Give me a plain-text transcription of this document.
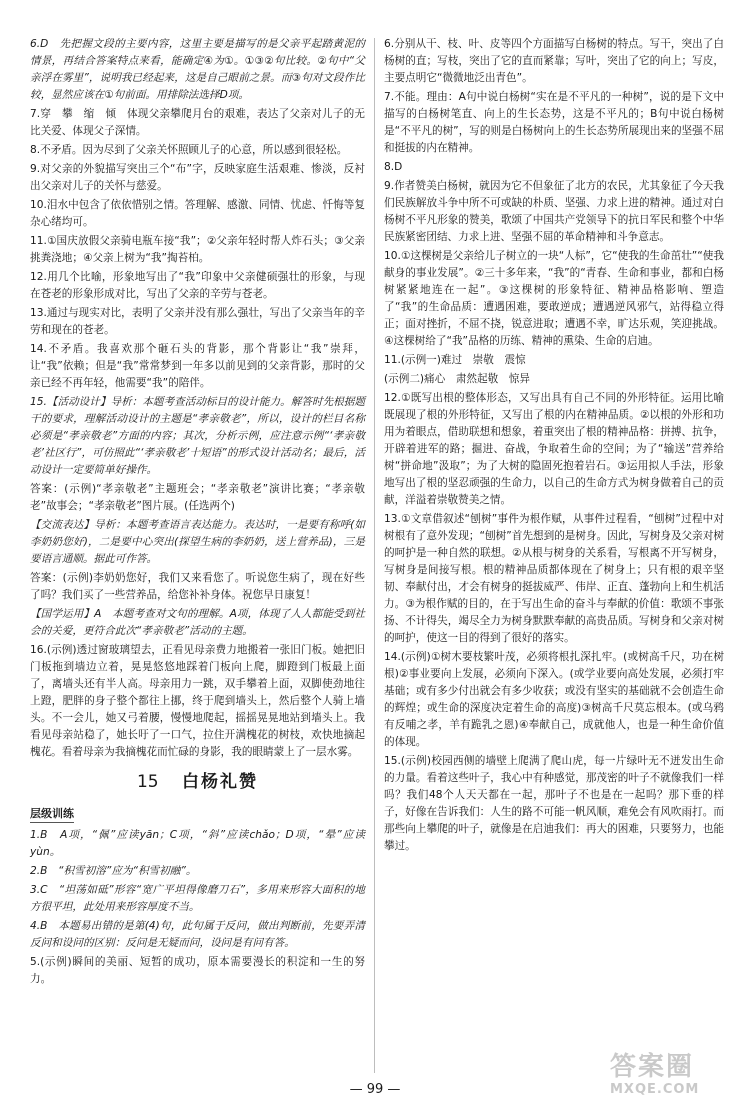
6.D　先把握文段的主要内容，这里主要是描写的是父亲平起踏黄泥的情景，再结合答案特点来看，能确定④为①。①③②句比较。②句中“父亲浮在雾里”，说明我已经起来，这是自己眼前之景。而③句对文段作比较，显然应该在①句前面。用排除法选择D项。
7.穿　攀　缩　倾　体现父亲攀爬月台的艰难，表达了父亲对儿子的无比关爱、体现父子深情。
8.不矛盾。因为尽到了父亲关怀照顾儿子的心意，所以感到很轻松。
9.对父亲的外貌描写突出三个“布”字，反映家庭生活艰难、惨淡，反衬出父亲对儿子的关怀与慈爱。
10.泪水中包含了依依惜别之情。答理解、感激、同情、忧虑、忏悔等复杂心绪均可。
11.①国庆放假父亲骑电瓶车接“我”；②父亲年轻时帮人炸石头；③父亲挑粪浇地；④父亲上树为“我”掏苔柏。
12.用几个比喻，形象地写出了“我”印象中父亲健硕强壮的形象，与现在苍老的形象形成对比，写出了父亲的辛劳与苍老。
13.通过与现实对比，表明了父亲并没有那么强壮，写出了父亲当年的辛劳和现在的苍老。
14.不矛盾。我喜欢那个砸石头的背影，那个背影让“我”崇拜，让“我”依赖；但是“我”常常梦到一年多以前见到的父亲背影，那时的父亲已经不再年轻，他需要“我”的陪伴。
15.【活动设计】导析：本题考查活动标目的设计能力。解答时先根据题干的要求，理解活动设计的主题是“孝亲敬老”，所以，设计的栏目名称必须是“孝亲敬老”方面的内容；其次，分析示例，应注意示例“‘孝亲敬老’社区行”，可仿照此“‘孝亲敬老’十短语”的形式设计活动名；最后，活动设计一定要简单好操作。
答案：(示例)“孝亲敬老”主题班会；“孝亲敬老”演讲比赛；“孝亲敬老”故事会；“孝亲敬老”图片展。(任选两个)
【交流表达】导析：本题考查语言表达能力。表达时，一是要有称呼(如李奶奶您好)，二是要中心突出(探望生病的李奶奶，送上营养品)，三是要语言通顺。据此可作答。
答案：(示例)李奶奶您好，我们又来看您了。听说您生病了，现在好些了吗？我们买了一些营养品，给您补补身体。祝您早日康复！
【国学运用】A　本题考查对文句的理解。A项，体现了人人都能受到社会的关爱，更符合此次“孝亲敬老”活动的主题。
16.(示例)透过窗玻璃望去，正看见母亲费力地搬着一张旧门板。她把旧门板拖到墙边立着，晃晃悠悠地踩着门板向上爬，脚蹬到门板最上面了，离墙头还有半人高。母亲用力一跳，双手攀着上面，双脚使劲地往上蹬，肥胖的身子整个都往上挪，终于爬到墙头上，然后整个人骑上墙头。不一会儿，她又弓着腰，慢慢地爬起，摇摇晃晃地站到墙头上。我看见母亲站稳了，她长吁了一口气，拉住开满槐花的树枝，欢快地摘起槐花。看着母亲为我摘槐花而忙碌的身影，我的眼睛蒙上了一层水雾。
15 白杨礼赞
层级训练
1.B　A项，“佩”应读yān；C项，“斜”应读chǎo；D项，“晕”应读yùn。
2.B　“积雪初溶”应为“积雪初融”。
3.C　“坦荡如砥”形容“宽广平坦得像磨刀石”，多用来形容大面积的地方很平坦，此处用来形容厚度不当。
4.B　本题易出错的是第(4)句，此句属于反问，做出判断前，先要弄清反问和设问的区别：反问是无疑而问，设问是有问有答。
5.(示例)瞬间的美丽、短暂的成功，原本需要漫长的积淀和一生的努力。
6.分别从干、枝、叶、皮等四个方面描写白杨树的特点。写干，突出了白杨树的直；写枝，突出了它的直而紧靠；写叶，突出了它的向上；写皮，主要点明它“微微地泛出青色”。
7.不能。理由：A句中说白杨树“实在是不平凡的一种树”，说的是下文中描写的白杨树笔直、向上的生长态势，这是不平凡的；B句中说白杨树是“不平凡的树”，写的则是白杨树向上的生长态势所展现出来的坚强不屈和挺拔的内在精神。
8.D
9.作者赞美白杨树，就因为它不但象征了北方的农民，尤其象征了今天我们民族解放斗争中所不可或缺的朴质、坚强、力求上进的精神。通过对白杨树不平凡形象的赞美，歌颂了中国共产党领导下的抗日军民和整个中华民族紧密团结、力求上进、坚强不屈的革命精神和斗争意志。
10.①这棵树是父亲给儿子树立的一块“人标”，它“使我的生命茁壮”“使我献身的事业发展”。②三十多年来，“我”的“青春、生命和事业，都和白杨树紧紧地连在一起”。③这棵树的形象特征、精神品格影响、塑造了“我”的生命品质：遭遇困难，要敢逆成；遭遇逆风邪气，站得稳立得正；面对挫折，不屈不挠，锐意进取；遭遇不幸，旷达乐观，笑迎挑战。④这棵树给了“我”品格的历练、精神的熏染、生命的启迪。
11.(示例一)难过　崇敬　震惊
(示例二)痛心　肃然起敬　惊异
12.①既写出根的整体形态，又写出具有自己不同的外形特征。运用比喻既展现了根的外形特征，又写出了根的内在精神品质。②以根的外形和功用为着眼点，借助联想和想象，着重突出了根的精神品格：拼搏、抗争，开辟着进军的路；掘进、奋战，争取着生命的空间；为了“输送”营养给树“拼命地”汲取”；为了大树的隐固死抱着岩石。③运用拟人手法，形象地写出了根的坚忍顽强的生命力，以自己的生命方式为树身做着自己的贡献，洋溢着崇敬赞美之情。
13.①文章借叙述“刨树”事件为根作赋，从事件过程看，“刨树”过程中对树根有了意外发现；“刨树”首先想到的是树身。因此，写树身及父亲对树的呵护是一种自然的联想。②从根与树身的关系看，写根离不开写树身，写树身是间接写根。根的精神品质都体现在了树身上；只有根的艰辛坚韧、奉献付出，才会有树身的挺拔威严、伟岸、正直、蓬勃向上和生机活力。③为根作赋的目的，在于写出生命的奋斗与奉献的价值：歌颂不事张扬、不计得失，竭尽全力为树身默默奉献的高贵品质。写树身和父亲对树的呵护，使这一目的得到了很好的落实。
14.(示例)①树木要枝繁叶茂，必须将根扎深扎牢。(或树高千尺，功在树根)②事业要向上发展，必须向下深入。(或学业要向高处发展，必须打牢基础；或有多少付出就会有多少收获；或没有坚实的基础就不会创造生命的辉煌；或生命的深度决定着生命的高度)③树高千尺莫忘根本。(或乌鸦有反哺之孝，羊有跪乳之恩)④奉献自己，成就他人，也是一种生命价值的体现。
15.(示例)校园西侧的墙壁上爬满了爬山虎，每一片绿叶无不迸发出生命的力量。看着这些叶子，我心中有种感觉，那茂密的叶子不就像我们一样吗？我们48个人天天都在一起，那叶子不也是在一起吗？那下垂的样子，好像在告诉我们：人生的路不可能一帆风顺，难免会有风吹雨打。而那些向上攀爬的叶子，就像是在启迪我们：再大的困难，只要努力，也能攀过。
— 99 —
答案圈
MXQE.COM
